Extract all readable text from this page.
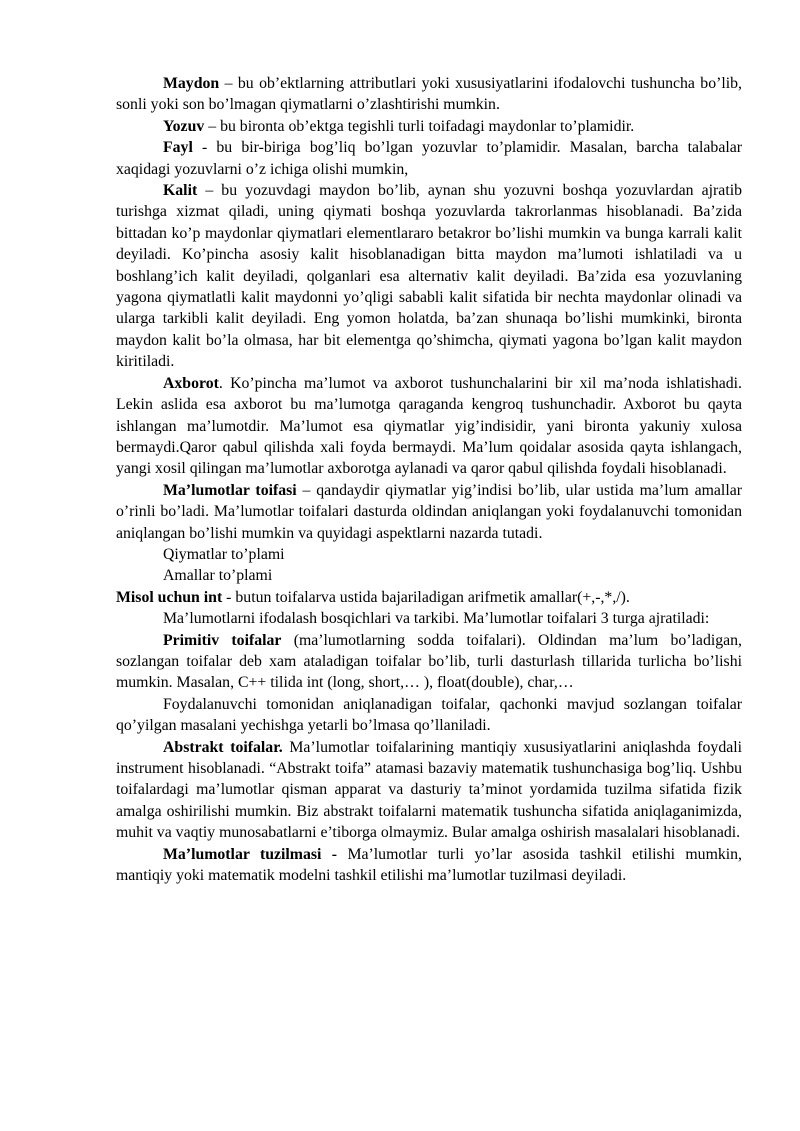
Maydon – bu ob’ektlarning attributlari yoki xususiyatlarini ifodalovchi tushuncha bo’lib, sonli yoki son bo’lmagan qiymatlarni o’zlashtirishi mumkin.

Yozuv – bu bironta ob’ektga tegishli turli toifadagi maydonlar to’plamidir.

Fayl - bu bir-biriga bog’liq bo’lgan yozuvlar to’plamidir. Masalan, barcha talabalar xaqidagi yozuvlarni o’z ichiga olishi mumkin,

Kalit – bu yozuvdagi maydon bo’lib, aynan shu yozuvni boshqa yozuvlardan ajratib turishga xizmat qiladi, uning qiymati boshqa yozuvlarda takrorlanmas hisoblanadi. Ba’zida bittadan ko’p maydonlar qiymatlari elementlararo betakror bo’lishi mumkin va bunga karrali kalit deyiladi. Ko’pincha asosiy kalit hisoblanadigan bitta maydon ma’lumoti ishlatiladi va u boshlang’ich kalit deyiladi, qolganlari esa alternativ kalit deyiladi. Ba’zida esa yozuvlaning yagona qiymatlatli kalit maydonni yo’qligi sababli kalit sifatida bir nechta maydonlar olinadi va ularga tarkibli kalit deyiladi. Eng yomon holatda, ba’zan shunaqa bo’lishi mumkinki, bironta maydon kalit bo’la olmasa, har bit elementga qo’shimcha, qiymati yagona bo’lgan kalit maydon kiritiladi.

Axborot. Ko’pincha ma’lumot va axborot tushunchalarini bir xil ma’noda ishlatishadi. Lekin aslida esa axborot bu ma’lumotga qaraganda kengroq tushunchadir. Axborot bu qayta ishlangan ma’lumotdir. Ma’lumot esa qiymatlar yig’indisidir, yani bironta yakuniy xulosa bermaydi.Qaror qabul qilishda xali foyda bermaydi. Ma’lum qoidalar asosida qayta ishlangach, yangi xosil qilingan ma’lumotlar axborotga aylanadi va qaror qabul qilishda foydali hisoblanadi.

Ma’lumotlar toifasi – qandaydir qiymatlar yig’indisi bo’lib, ular ustida ma’lum amallar o’rinli bo’ladi. Ma’lumotlar toifalari dasturda oldindan aniqlangan yoki foydalanuvchi tomonidan aniqlangan bo’lishi mumkin va quyidagi aspektlarni nazarda tutadi.

Qiymatlar to’plami

Amallar to’plami

Misol uchun int - butun toifalarva ustida bajariladigan arifmetik amallar(+,-,*,/).

Ma’lumotlarni ifodalash bosqichlari va tarkibi. Ma’lumotlar toifalari 3 turga ajratiladi:

Primitiv toifalar (ma’lumotlarning sodda toifalari). Oldindan ma’lum bo’ladigan, sozlangan toifalar deb xam ataladigan toifalar bo’lib, turli dasturlash tillarida turlicha bo’lishi mumkin. Masalan, C++ tilida int (long, short,… ), float(double), char,…

Foydalanuvchi tomonidan aniqlanadigan toifalar, qachonki mavjud sozlangan toifalar qo’yilgan masalani yechishga yetarli bo’lmasa qo’llaniladi.

Abstrakt toifalar. Ma’lumotlar toifalarining mantiqiy xususiyatlarini aniqlashda foydali instrument hisoblanadi. “Abstrakt toifa” atamasi bazaviy matematik tushunchasiga bog’liq. Ushbu toifalardagi ma’lumotlar qisman apparat va dasturiy ta’minot yordamida tuzilma sifatida fizik amalga oshirilishi mumkin. Biz abstrakt toifalarni matematik tushuncha sifatida aniqlaganimizda, muhit va vaqtiy munosabatlarni e’tiborga olmaymiz. Bular amalga oshirish masalalari hisoblanadi.

Ma’lumotlar tuzilmasi - Ma’lumotlar turli yo’lar asosida tashkil etilishi mumkin, mantiqiy yoki matematik modelni tashkil etilishi ma’lumotlar tuzilmasi deyiladi.
